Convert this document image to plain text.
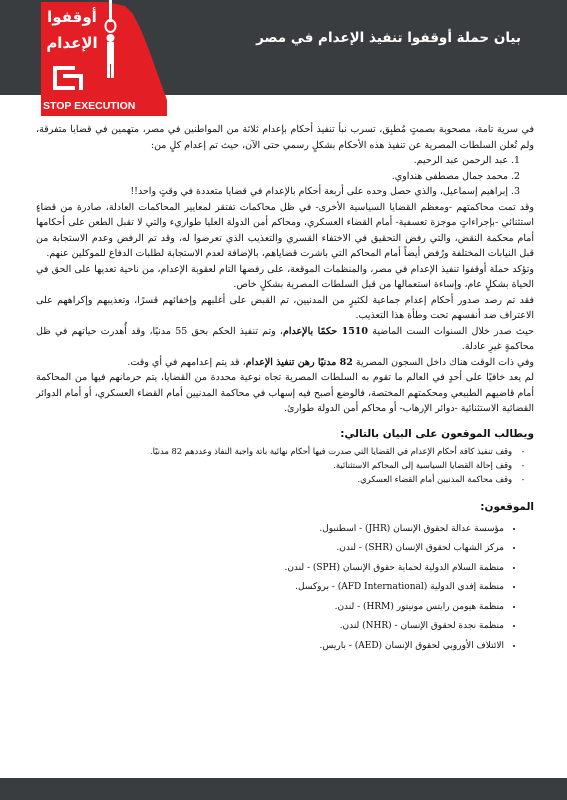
بيان حملة أوقفوا تنفيذ الإعدام في مصر
أوقفوا
الإعدام
STOP EXECUTION

في سرية تامة، مصحوبة بصمتٍ مُطبِق، تسرب نبأ تنفيذ أحكام بإعدام ثلاثة من المواطنين في مصر، متهمين في قضايا متفرقة، ولم تُعلن السلطات المصرية عن تنفيذ هذه الأحكام بشكلٍ رسمي حتى الآن، حيث تم إعدام كلٍ من:

1. عبد الرحمن عبد الرحيم.
2. محمد جمال مصطفى هنداوي.
3. إبراهيم إسماعيل، والذي حصل وحده على أربعة أحكام بالإعدام في قضايا متعددة في وقتٍ واحد!!

وقد تمت محاكمتهم -ومعظم القضايا السياسية الأخرى- في ظل محاكمات تفتقر لمعايير المحاكمات العادلة، صادرة من قضاءٍ استثنائي -بإجراءاتٍ موجزة تعسفية- أمام القضاء العسكري، ومحاكم أمن الدولة العليا طواريء والتي لا تقبل الطعن على أحكامها أمام محكمة النقض، والتي رفض التحقيق في الاختفاء القسري والتعذيب الذي تعرضوا له، وقد تم الرفض وعدم الاستجابة من قبل النيابات المختلفة ورُفض أيضاً أمام المحاكم التي باشرت قضاياهم، بالإضافة لعدم الاستجابة لطلبات الدفاع للموكلين عنهم.

وتؤكد حملة أوقفوا تنفيذ الإعدام في مصر، والمنظمات الموقعة، على رفضها التام لعقوبة الإعدام، من ناحية تعديها على الحق في الحياة بشكلٍ عام، وإساءة استعمالها من قبل السلطات المصرية بشكلٍ خاص.

فقد تم رصد صدور أحكام إعدام جماعية لكثيرٍ من المدنيين، تم القبض على أغلبهم وإخفائهم قسرًا، وتعذيبهم وإكراههم على الاعتراف ضد أنفسهم تحت وطأة هذا التعذيب.

حيث صدر خلال السنوات الست الماضية 1510 حكمًا بالإعدام، وتم تنفيذ الحكم بحق 55 مدنيًا، وقد أُهدرت حياتهم في ظل محاكمةٍ غيرِ عادلة.

وفي ذات الوقت هناك داخل السجون المصرية 82 مدنيًا رهن تنفيذ الإعدام، قد يتم إعدامهم في أي وقت.

لم يعد خافيًا على أحدٍ في العالم ما تقوم به السلطات المصرية تجاه نوعية محددة من القضايا، يتم حرمانهم فيها من المحاكمة أمام قاضيهم الطبيعي ومحكمتهم المختصة، فالوضع أصبح فيه إسهاب في محاكمة المدنيين أمام القضاء العسكري، أو أمام الدوائر القضائية الاستثنائية -دوائر الإرهاب- أو محاكم أمن الدولة طوارئ.

ويطالب الموقعون على البيان بالتالي:
- وقف تنفيذ كافة أحكام الإعدام في القضايا التي صدرت فيها أحكام نهائية باتة واجبة النفاذ وعددهم 82 مدنيًا.
- وقف إحالة القضايا السياسية إلى المحاكم الاستثنائية.
- وقف محاكمة المدنيين أمام القضاء العسكري.
الموقعون:
• مؤسسة عدالة لحقوق الإنسان (JHR) - اسطنبول.
• مركز الشهاب لحقوق الإنسان (SHR) - لندن.
• منظمة السلام الدولية لحماية حقوق الإنسان (SPH) - لندن.
• منظمة إفدي الدولية (AFD International) - بروكسل.
• منظمة هيومن رايتس مونيتور (HRM) - لندن.
• منظمة نجدة لحقوق الإنسان - (NHR) لندن.
• الائتلاف الأوروبي لحقوق الإنسان (AED) - باريس.
